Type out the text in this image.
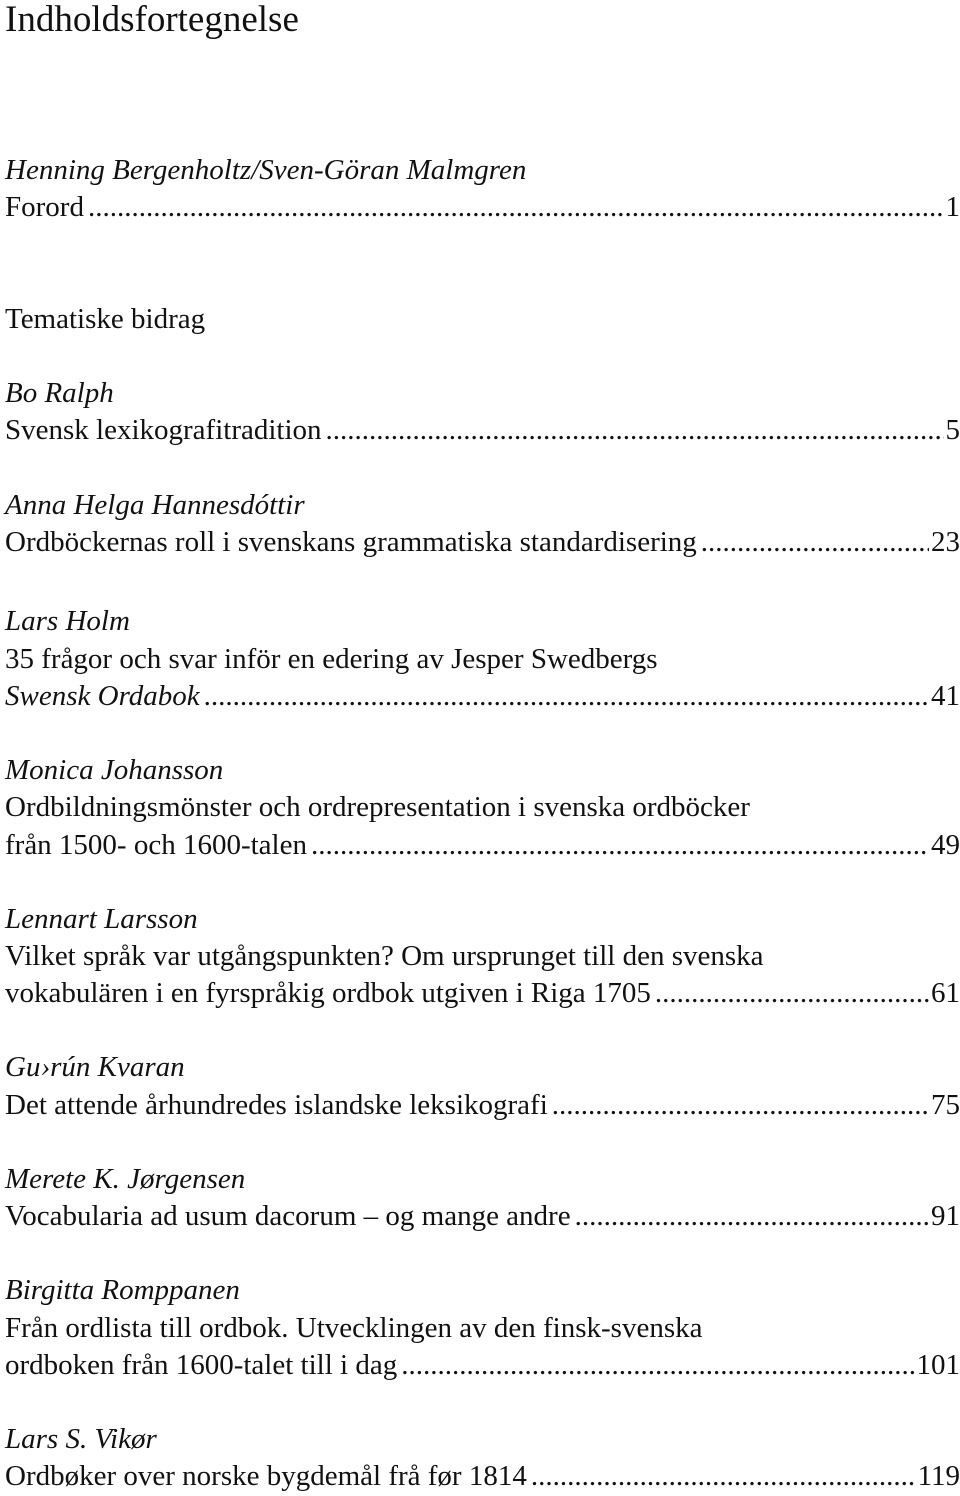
Indholdsfortegnelse
Henning Bergenholtz/Sven-Göran Malmgren
Forord .....	1
Tematiske bidrag
Bo Ralph
Svensk lexikografitradition .....	5
Anna Helga Hannesdóttir
Ordböckernas roll i svenskans grammatiska standardisering .....	23
Lars Holm
35 frågor och svar inför en edering av Jesper Swedbergs
Swensk Ordabok .....	41
Monica Johansson
Ordbildningsmönster och ordrepresentation i svenska ordböcker
från 1500- och 1600-talen .....	49
Lennart Larsson
Vilket språk var utgångspunkten? Om ursprunget till den svenska
vokabulären i en fyrspråkig ordbok utgiven i Riga 1705 .....	61
Gu›rún Kvaran
Det attende århundredes islandske leksikografi .....	75
Merete K. Jørgensen
Vocabularia ad usum dacorum – og mange andre .....	91
Birgitta Romppanen
Från ordlista till ordbok. Utvecklingen av den finsk-svenska
ordboken från 1600-talet till i dag .....	101
Lars S. Vikør
Ordbøker over norske bygdemål frå før 1814 .....	119
